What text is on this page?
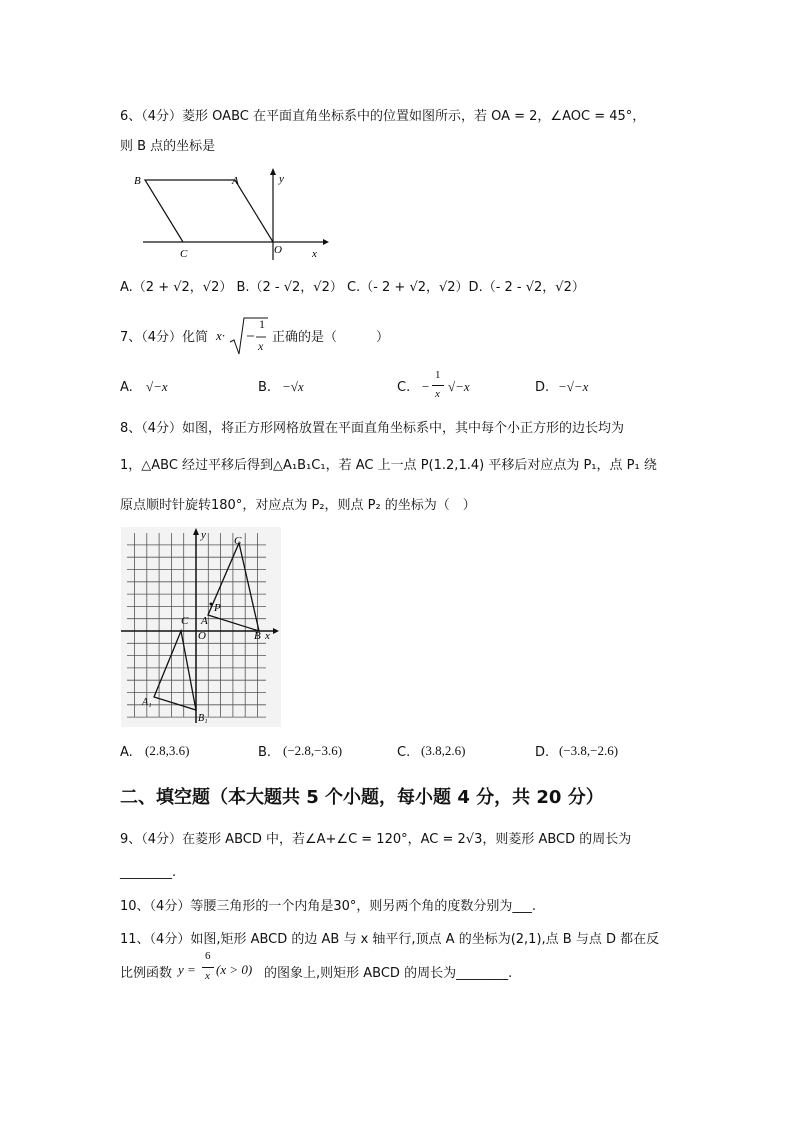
6、（4分）菱形 OABC 在平面直角坐标系中的位置如图所示，若 OA = 2，∠AOC = 45°，
则 B 点的坐标是
B	A	y
C	O	x
A.（2 + √2，√2） B.（2 - √2，√2） C.（- 2 + √2，√2）D.（- 2 - √2，√2）
7、（4分）化简 x·
1
x
正确的是（　　　）
A. √−x	B. −√x	C. −
1
x √−x	D. −√−x
8、（4分）如图，将正方形网格放置在平面直角坐标系中，其中每个小正方形的边长均为
1，△ABC 经过平移后得到△A₁B₁C₁，若 AC 上一点 P(1.2,1.4) 平移后对应点为 P₁，点 P₁ 绕
原点顺时针旋转180°，对应点为 P₂，则点 P₂ 的坐标为（　）
y	C
P
A
C
O	B x
A₁
B₁
A. (2.8,3.6)	B. (−2.8,−3.6)	C. (3.8,2.6)	D. (−3.8,−2.6)
二、填空题（本大题共 5 个小题，每小题 4 分，共 20 分）
9、（4分）在菱形 ABCD 中，若∠A+∠C = 120°，AC = 2√3，则菱形 ABCD 的周长为
________.
10、（4分）等腰三角形的一个内角是30°，则另两个角的度数分别为___.
11、（4分）如图,矩形 ABCD 的边 AB 与 x 轴平行,顶点 A 的坐标为(2,1),点 B 与点 D 都在反
比例函数 y =
6
x (x > 0) 的图象上,则矩形 ABCD 的周长为________.
